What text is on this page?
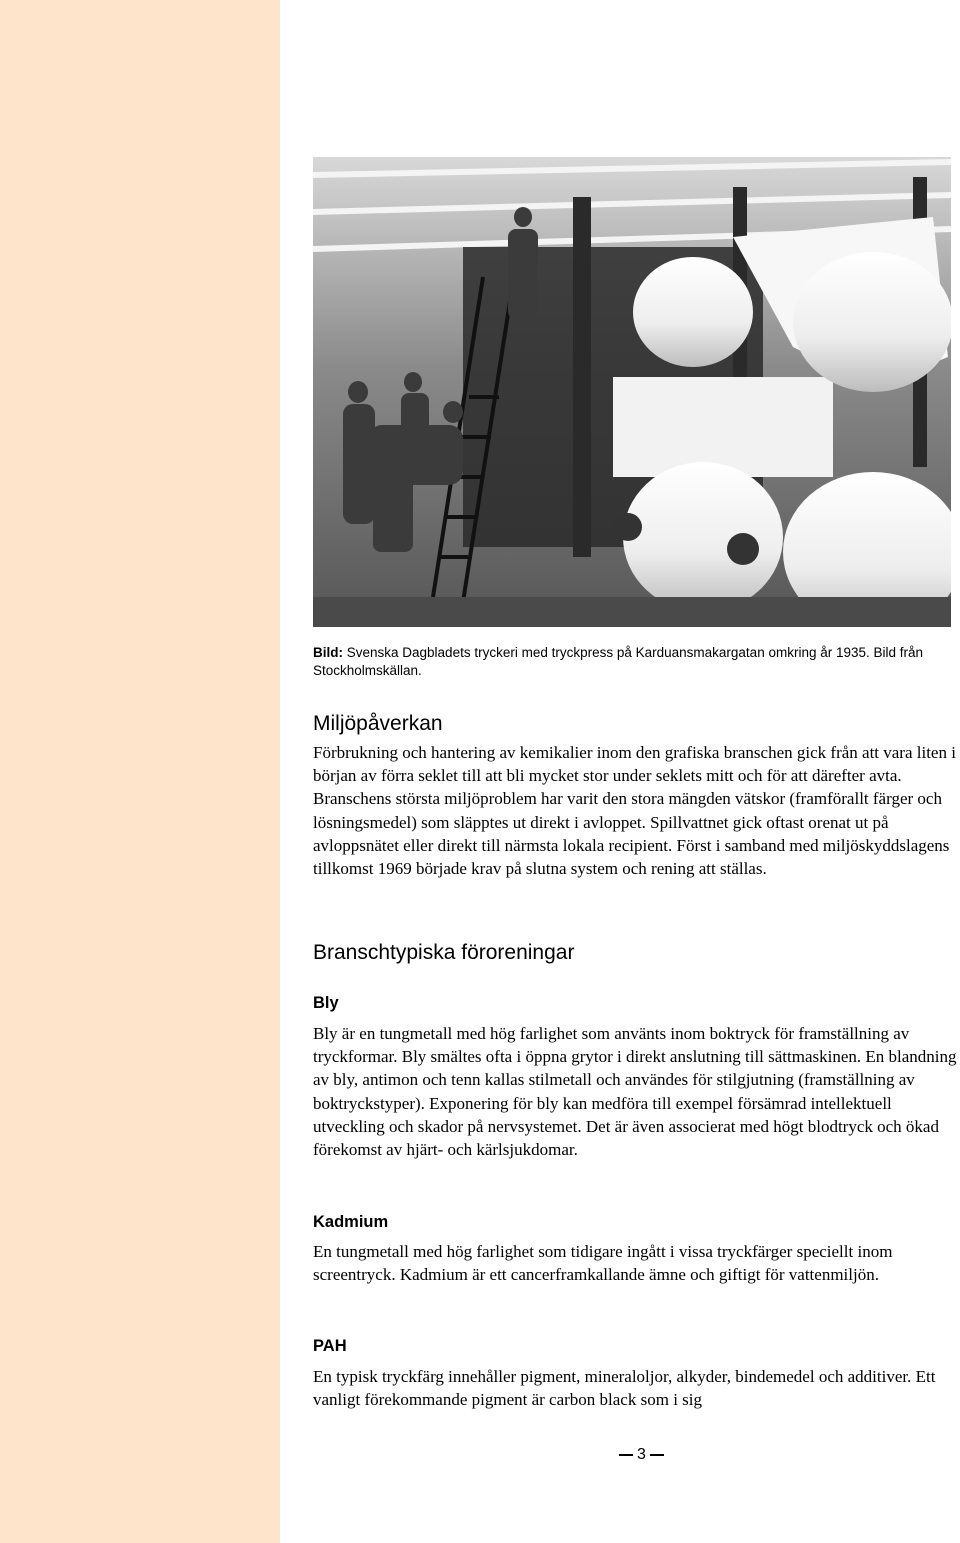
Bild: Svenska Dagbladets tryckeri med tryckpress på Karduansmakargatan omkring år 1935. Bild från Stockholmskällan.
Miljöpåverkan

Förbrukning och hantering av kemikalier inom den grafiska branschen gick från att vara liten i början av förra seklet till att bli mycket stor under seklets mitt och för att därefter avta. Branschens största miljöproblem har varit den stora mängden vätskor (framförallt färger och lösningsmedel) som släpptes ut direkt i avloppet. Spillvattnet gick oftast orenat ut på avloppsnätet eller direkt till närmsta lokala recipient. Först i samband med miljöskyddslagens tillkomst 1969 började krav på slutna system och rening att ställas.

Branschtypiska föroreningar
Bly

Bly är en tungmetall med hög farlighet som använts inom boktryck för framställning av tryckformar. Bly smältes ofta i öppna grytor i direkt anslutning till sättmaskinen. En blandning av bly, antimon och tenn kallas stilmetall och användes för stilgjutning (framställning av boktryckstyper). Exponering för bly kan medföra till exempel försämrad intellektuell utveckling och skador på nervsystemet. Det är även associerat med högt blodtryck och ökad förekomst av hjärt- och kärlsjukdomar.

Kadmium

En tungmetall med hög farlighet som tidigare ingått i vissa tryckfärger speciellt inom screentryck. Kadmium är ett cancerframkallande ämne och giftigt för vattenmiljön.

PAH

En typisk tryckfärg innehåller pigment, mineraloljor, alkyder, bindemedel och additiver. Ett vanligt förekommande pigment är carbon black som i sig

3
